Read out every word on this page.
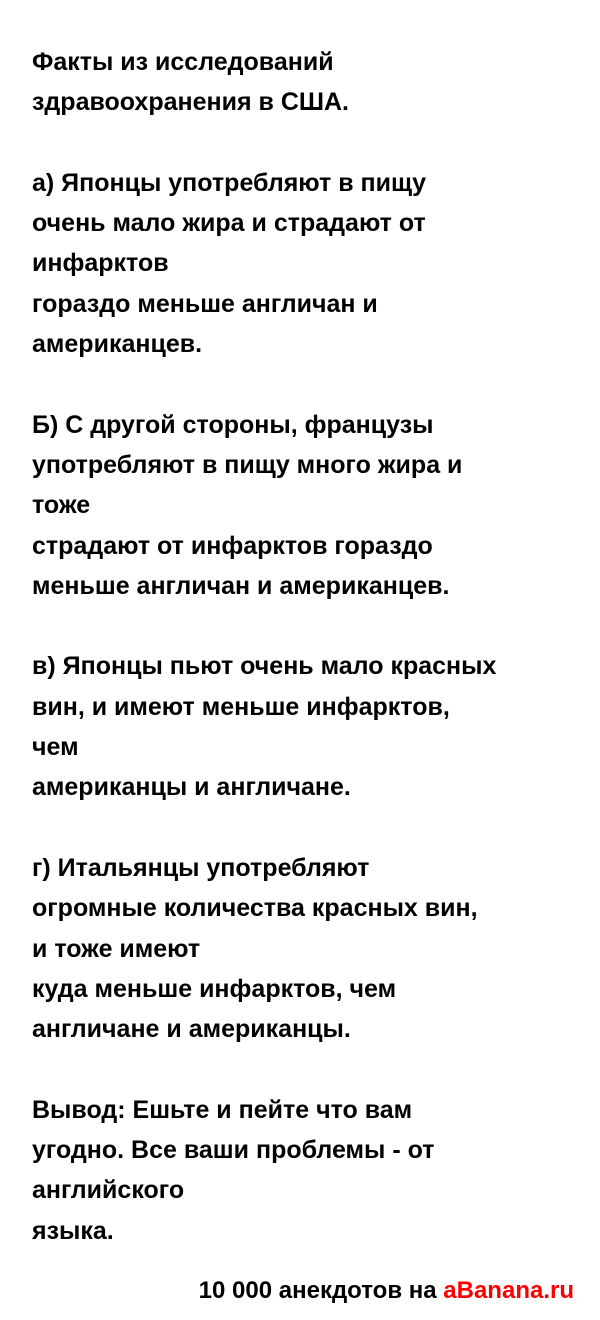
Факты из исследований
здравоохранения в США.

а) Японцы употребляют в пищу
очень мало жира и страдают от
инфарктов
гораздо меньше англичан и
американцев.

Б) С другой стороны, французы
употребляют в пищу много жира и
тоже
страдают от инфарктов гораздо
меньше англичан и американцев.

в) Японцы пьют очень мало красных
вин, и имеют меньше инфарктов,
чем
американцы и англичане.

г) Итальянцы употребляют
огромные количества красных вин,
и тоже имеют
куда меньше инфарктов, чем
англичане и американцы.

Вывод: Ешьте и пейте что вам
угодно. Все ваши проблемы - от
английского
языка.

10 000 анекдотов на aBanana.ru
